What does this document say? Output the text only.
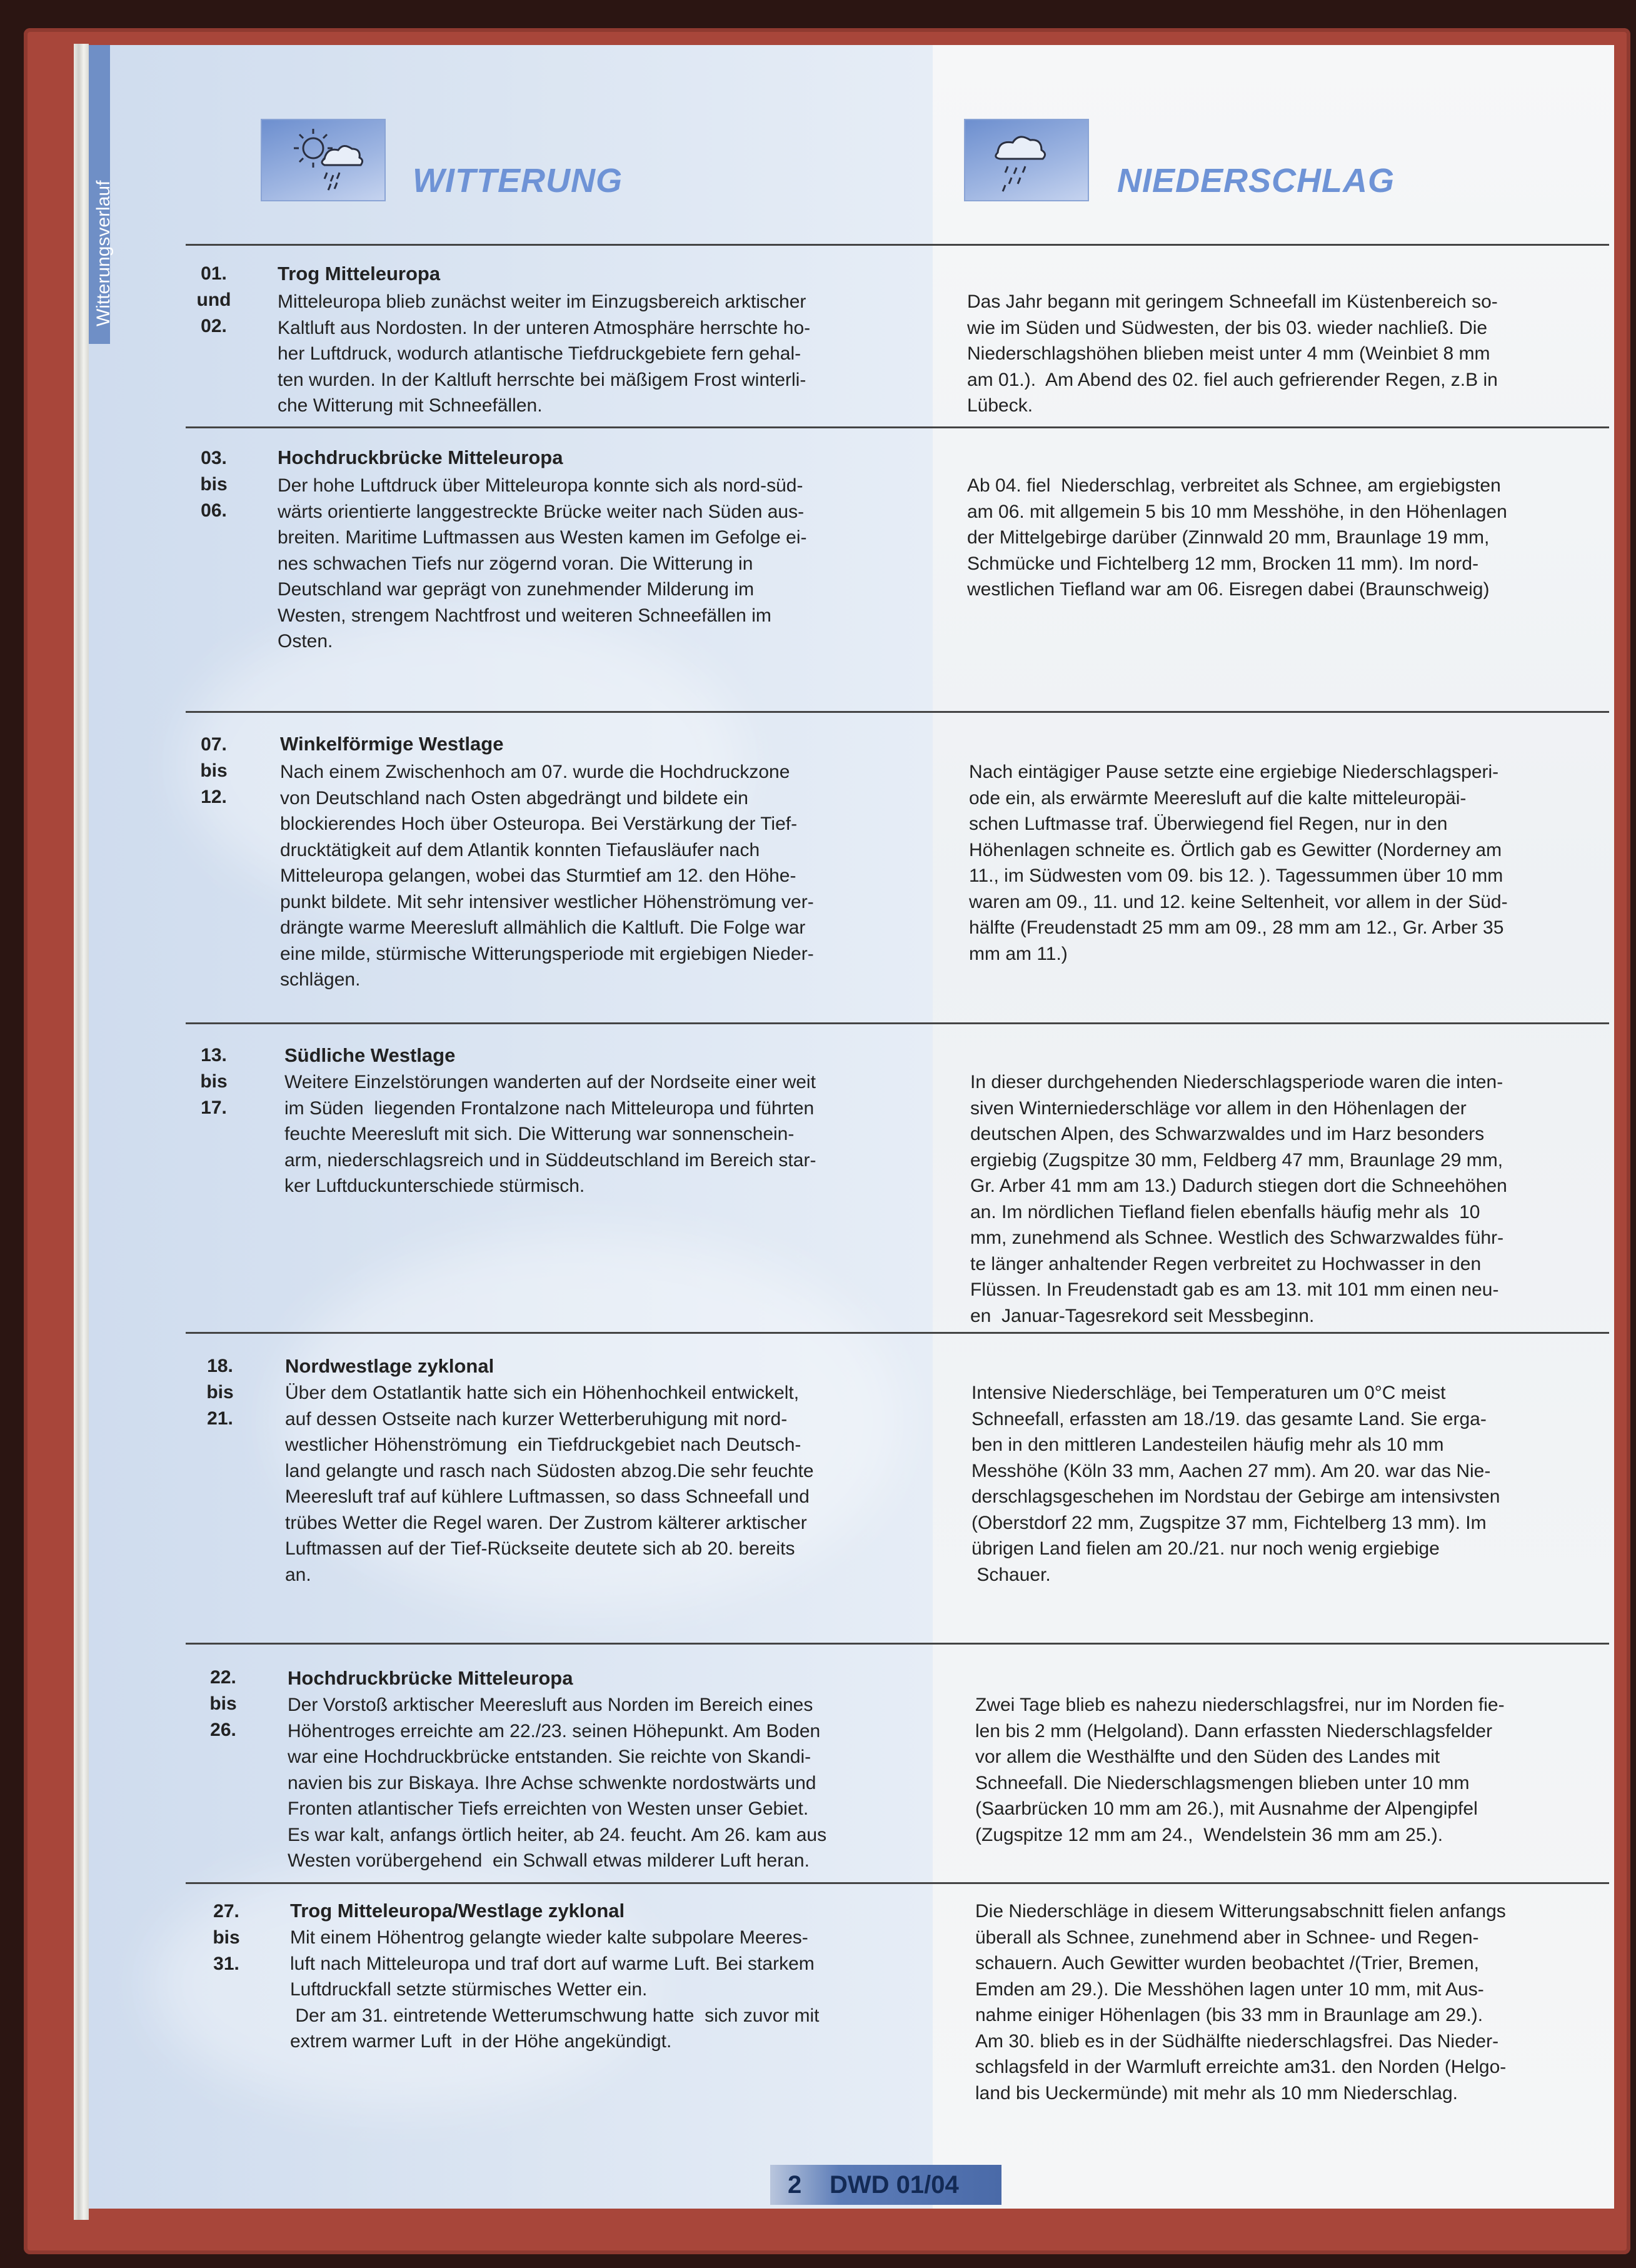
Witterungsverlauf	WITTERUNG	NIEDERSCHLAG
01.
und
02.
Trog Mitteleuropa
Mitteleuropa blieb zunächst weiter im Einzugsbereich arktischer
Kaltluft aus Nordosten. In der unteren Atmosphäre herrschte ho-
her Luftdruck, wodurch atlantische Tiefdruckgebiete fern gehal-
ten wurden. In der Kaltluft herrschte bei mäßigem Frost winterli-
che Witterung mit Schneefällen.
Das Jahr begann mit geringem Schneefall im Küstenbereich so-
wie im Süden und Südwesten, der bis 03. wieder nachließ. Die
Niederschlagshöhen blieben meist unter 4 mm (Weinbiet 8 mm
am 01.).  Am Abend des 02. fiel auch gefrierender Regen, z.B in
Lübeck.
03.
bis
06.
Hochdruckbrücke Mitteleuropa
Der hohe Luftdruck über Mitteleuropa konnte sich als nord-süd-
wärts orientierte langgestreckte Brücke weiter nach Süden aus-
breiten. Maritime Luftmassen aus Westen kamen im Gefolge ei-
nes schwachen Tiefs nur zögernd voran. Die Witterung in
Deutschland war geprägt von zunehmender Milderung im
Westen, strengem Nachtfrost und weiteren Schneefällen im
Osten.
Ab 04. fiel  Niederschlag, verbreitet als Schnee, am ergiebigsten
am 06. mit allgemein 5 bis 10 mm Messhöhe, in den Höhenlagen
der Mittelgebirge darüber (Zinnwald 20 mm, Braunlage 19 mm,
Schmücke und Fichtelberg 12 mm, Brocken 11 mm). Im nord-
westlichen Tiefland war am 06. Eisregen dabei (Braunschweig)
07.
bis
12.
Winkelförmige Westlage
Nach einem Zwischenhoch am 07. wurde die Hochdruckzone
von Deutschland nach Osten abgedrängt und bildete ein
blockierendes Hoch über Osteuropa. Bei Verstärkung der Tief-
drucktätigkeit auf dem Atlantik konnten Tiefausläufer nach
Mitteleuropa gelangen, wobei das Sturmtief am 12. den Höhe-
punkt bildete. Mit sehr intensiver westlicher Höhenströmung ver-
drängte warme Meeresluft allmählich die Kaltluft. Die Folge war
eine milde, stürmische Witterungsperiode mit ergiebigen Nieder-
schlägen.
Nach eintägiger Pause setzte eine ergiebige Niederschlagsperi-
ode ein, als erwärmte Meeresluft auf die kalte mitteleuropäi-
schen Luftmasse traf. Überwiegend fiel Regen, nur in den
Höhenlagen schneite es. Örtlich gab es Gewitter (Norderney am
11., im Südwesten vom 09. bis 12. ). Tagessummen über 10 mm
waren am 09., 11. und 12. keine Seltenheit, vor allem in der Süd-
hälfte (Freudenstadt 25 mm am 09., 28 mm am 12., Gr. Arber 35
mm am 11.)
13.
bis
17.
Südliche Westlage
Weitere Einzelstörungen wanderten auf der Nordseite einer weit
im Süden  liegenden Frontalzone nach Mitteleuropa und führten
feuchte Meeresluft mit sich. Die Witterung war sonnenschein-
arm, niederschlagsreich und in Süddeutschland im Bereich star-
ker Luftduckunterschiede stürmisch.
In dieser durchgehenden Niederschlagsperiode waren die inten-
siven Winterniederschläge vor allem in den Höhenlagen der
deutschen Alpen, des Schwarzwaldes und im Harz besonders
ergiebig (Zugspitze 30 mm, Feldberg 47 mm, Braunlage 29 mm,
Gr. Arber 41 mm am 13.) Dadurch stiegen dort die Schneehöhen
an. Im nördlichen Tiefland fielen ebenfalls häufig mehr als  10
mm, zunehmend als Schnee. Westlich des Schwarzwaldes führ-
te länger anhaltender Regen verbreitet zu Hochwasser in den
Flüssen. In Freudenstadt gab es am 13. mit 101 mm einen neu-
en  Januar-Tagesrekord seit Messbeginn.
18.
bis
21.
Nordwestlage zyklonal
Über dem Ostatlantik hatte sich ein Höhenhochkeil entwickelt,
auf dessen Ostseite nach kurzer Wetterberuhigung mit nord-
westlicher Höhenströmung  ein Tiefdruckgebiet nach Deutsch-
land gelangte und rasch nach Südosten abzog.Die sehr feuchte
Meeresluft traf auf kühlere Luftmassen, so dass Schneefall und
trübes Wetter die Regel waren. Der Zustrom kälterer arktischer
Luftmassen auf der Tief-Rückseite deutete sich ab 20. bereits
an.
Intensive Niederschläge, bei Temperaturen um 0°C meist
Schneefall, erfassten am 18./19. das gesamte Land. Sie erga-
ben in den mittleren Landesteilen häufig mehr als 10 mm
Messhöhe (Köln 33 mm, Aachen 27 mm). Am 20. war das Nie-
derschlagsgeschehen im Nordstau der Gebirge am intensivsten
(Oberstdorf 22 mm, Zugspitze 37 mm, Fichtelberg 13 mm). Im
übrigen Land fielen am 20./21. nur noch wenig ergiebige
Schauer.
22.
bis
26.
Hochdruckbrücke Mitteleuropa
Der Vorstoß arktischer Meeresluft aus Norden im Bereich eines
Höhentroges erreichte am 22./23. seinen Höhepunkt. Am Boden
war eine Hochdruckbrücke entstanden. Sie reichte von Skandi-
navien bis zur Biskaya. Ihre Achse schwenkte nordostwärts und
Fronten atlantischer Tiefs erreichten von Westen unser Gebiet.
Es war kalt, anfangs örtlich heiter, ab 24. feucht. Am 26. kam aus
Westen vorübergehend  ein Schwall etwas milderer Luft heran.
Zwei Tage blieb es nahezu niederschlagsfrei, nur im Norden fie-
len bis 2 mm (Helgoland). Dann erfassten Niederschlagsfelder
vor allem die Westhälfte und den Süden des Landes mit
Schneefall. Die Niederschlagsmengen blieben unter 10 mm
(Saarbrücken 10 mm am 26.), mit Ausnahme der Alpengipfel
(Zugspitze 12 mm am 24.,  Wendelstein 36 mm am 25.).
27.
bis
31.
Trog Mitteleuropa/Westlage zyklonal
Mit einem Höhentrog gelangte wieder kalte subpolare Meeres-
luft nach Mitteleuropa und traf dort auf warme Luft. Bei starkem
Luftdruckfall setzte stürmisches Wetter ein.
Der am 31. eintretende Wetterumschwung hatte  sich zuvor mit
extrem warmer Luft  in der Höhe angekündigt.
Die Niederschläge in diesem Witterungsabschnitt fielen anfangs
überall als Schnee, zunehmend aber in Schnee- und Regen-
schauern. Auch Gewitter wurden beobachtet /(Trier, Bremen,
Emden am 29.). Die Messhöhen lagen unter 10 mm, mit Aus-
nahme einiger Höhenlagen (bis 33 mm in Braunlage am 29.).
Am 30. blieb es in der Südhälfte niederschlagsfrei. Das Nieder-
schlagsfeld in der Warmluft erreichte am31. den Norden (Helgo-
land bis Ueckermünde) mit mehr als 10 mm Niederschlag.
2 DWD 01/04
